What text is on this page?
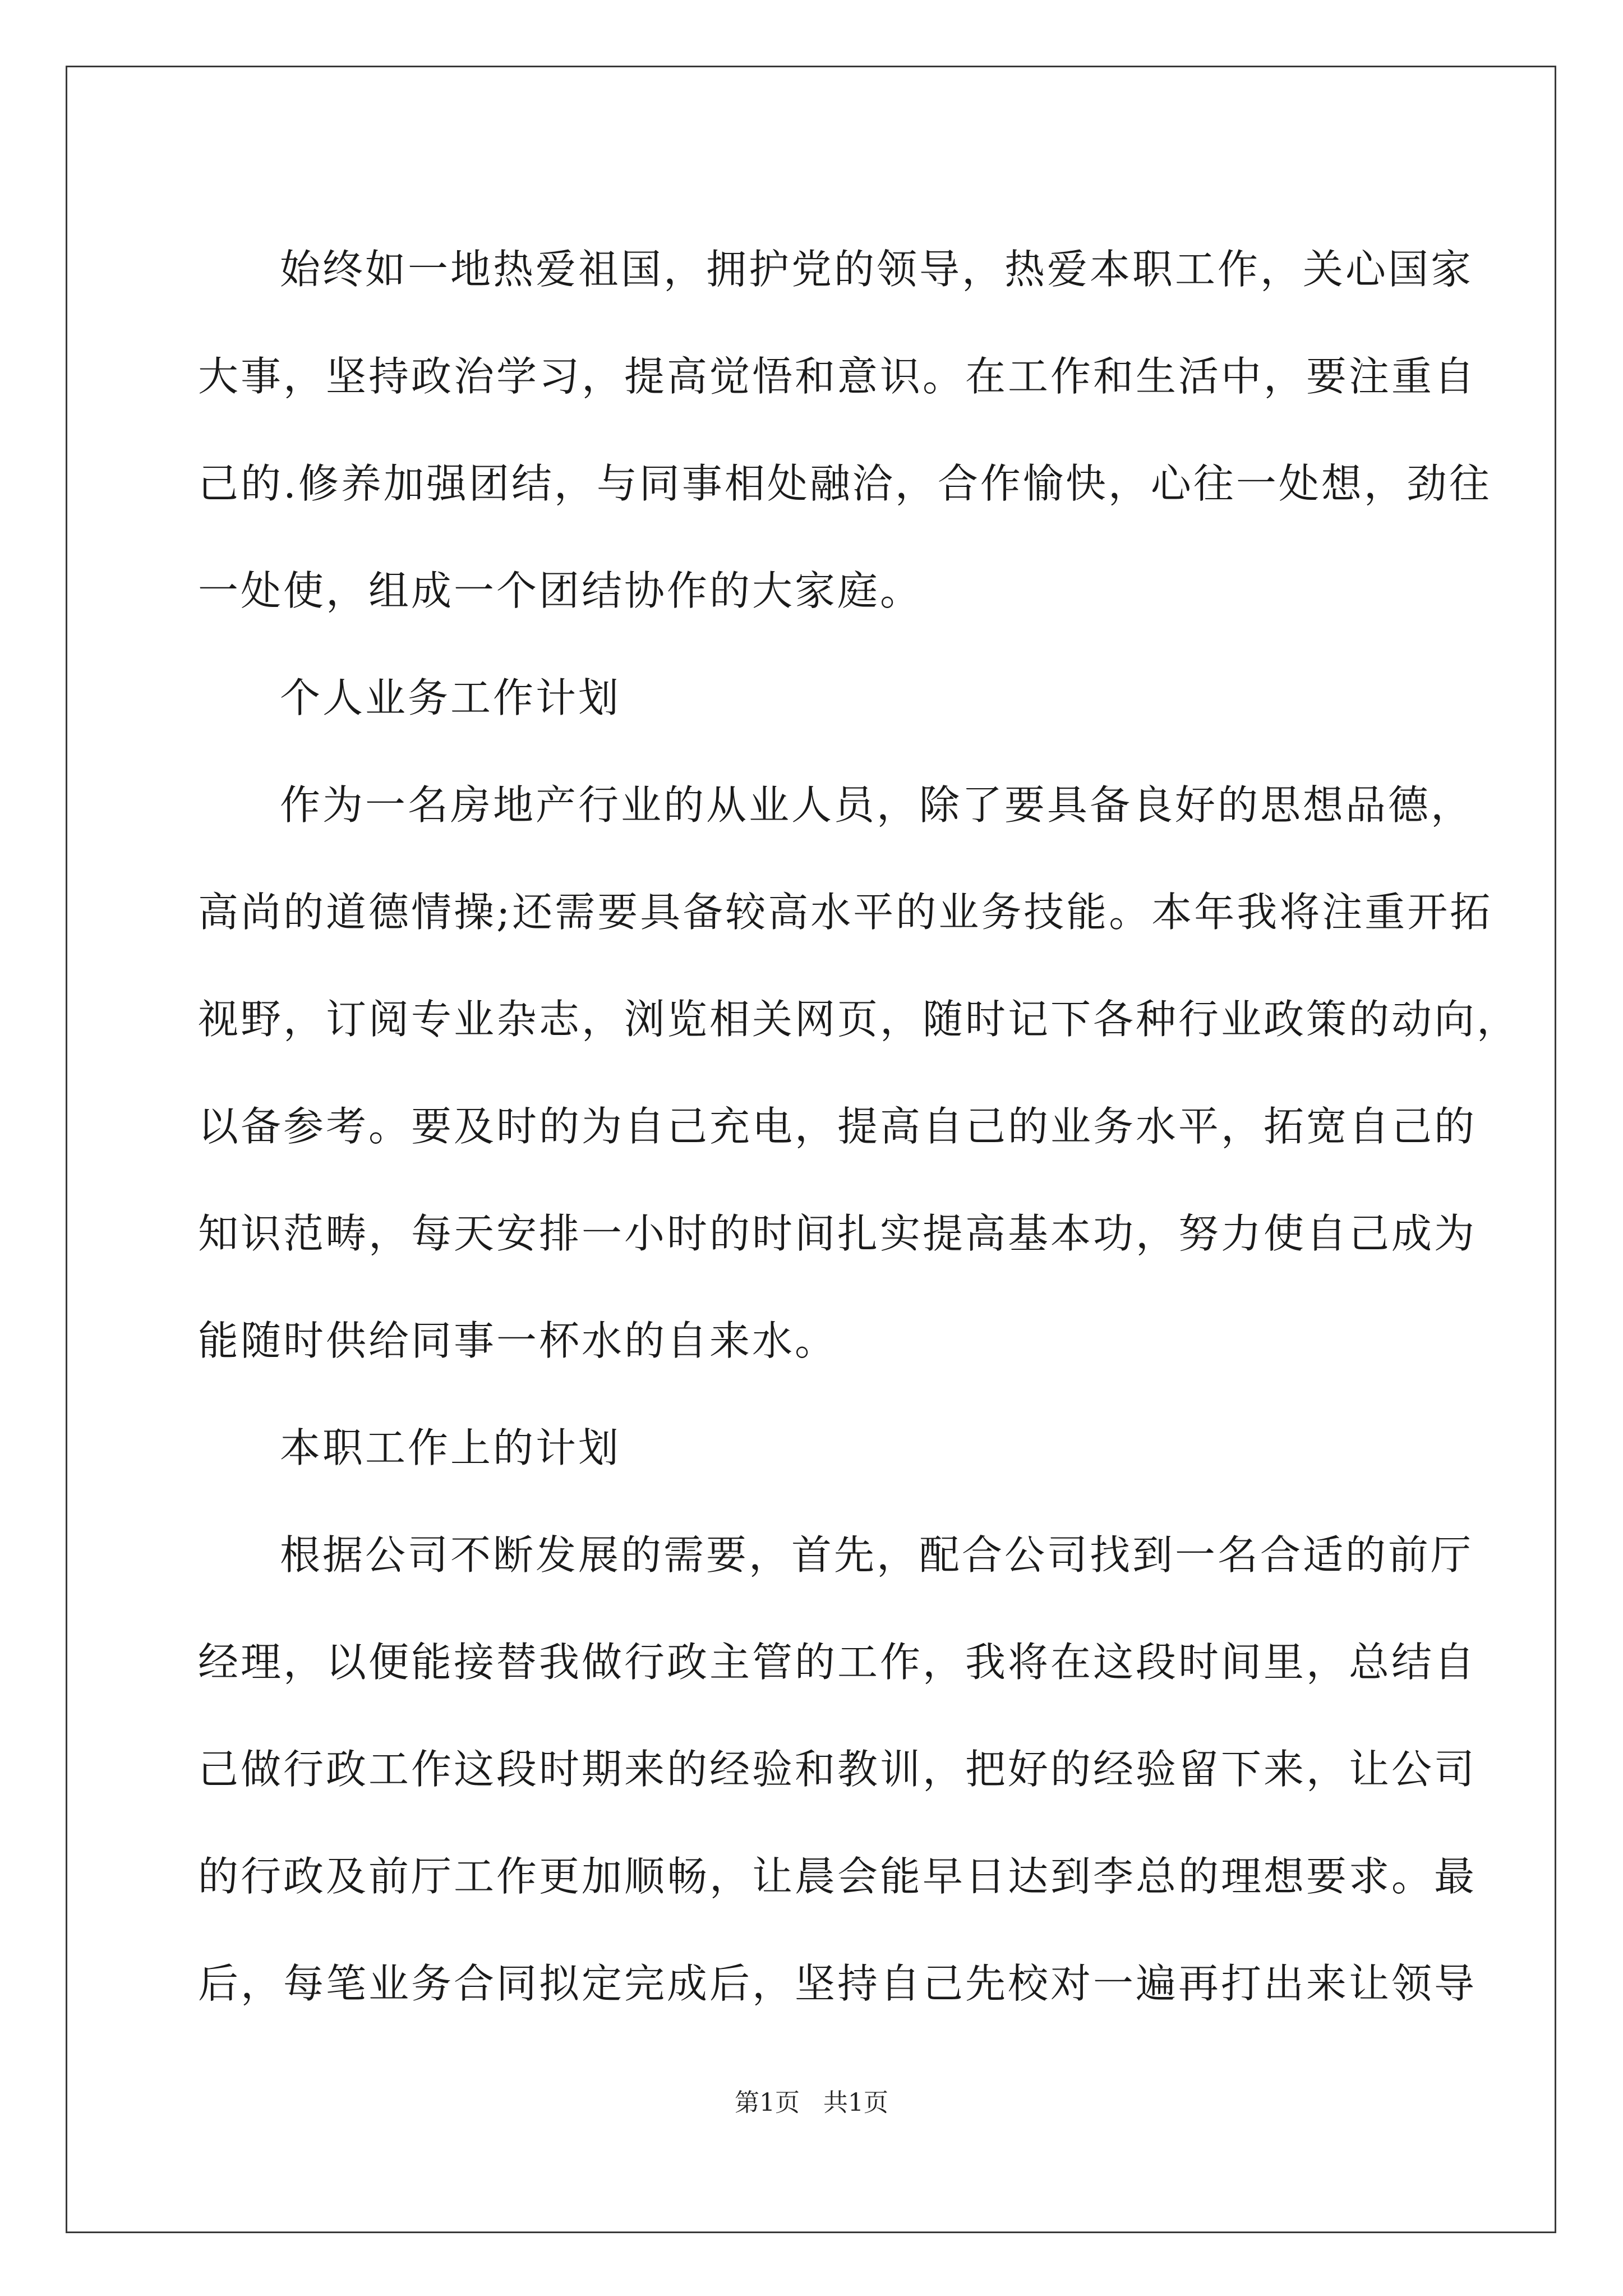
始终如一地热爱祖国，拥护党的领导，热爱本职工作，关心国家
大事，坚持政治学习，提高觉悟和意识。在工作和生活中，要注重自
己的.修养加强团结，与同事相处融洽，合作愉快，心往一处想，劲往
一处使，组成一个团结协作的大家庭。
个人业务工作计划
作为一名房地产行业的从业人员，除了要具备良好的思想品德，
高尚的道德情操;还需要具备较高水平的业务技能。本年我将注重开拓
视野，订阅专业杂志，浏览相关网页，随时记下各种行业政策的动向，
以备参考。要及时的为自己充电，提高自己的业务水平，拓宽自己的
知识范畴，每天安排一小时的时间扎实提高基本功，努力使自己成为
能随时供给同事一杯水的自来水。
本职工作上的计划
根据公司不断发展的需要，首先，配合公司找到一名合适的前厅
经理，以便能接替我做行政主管的工作，我将在这段时间里，总结自
己做行政工作这段时期来的经验和教训，把好的经验留下来，让公司
的行政及前厅工作更加顺畅，让晨会能早日达到李总的理想要求。最
后，每笔业务合同拟定完成后，坚持自己先校对一遍再打出来让领导
第1页   共1页
